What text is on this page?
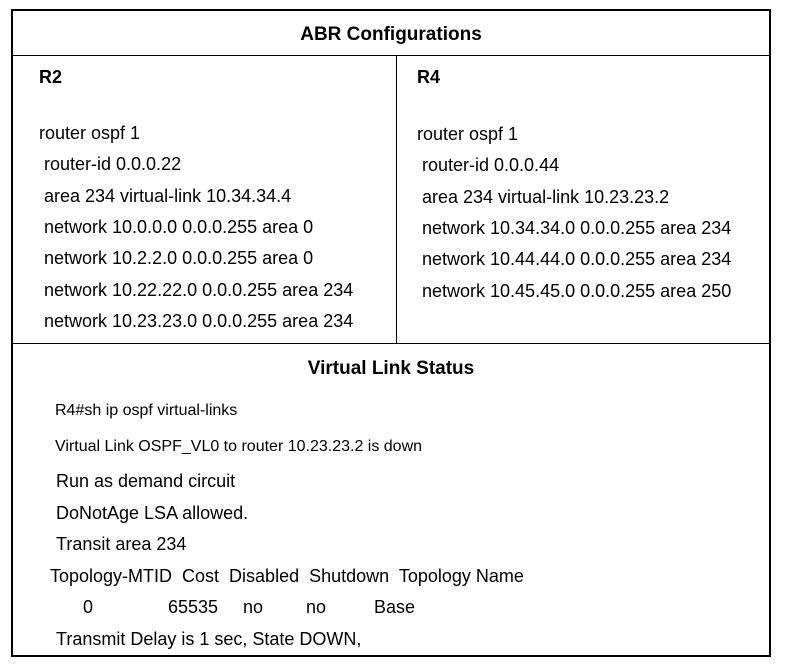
ABR Configurations
R2
router ospf 1
router-id 0.0.0.22
area 234 virtual-link 10.34.34.4
network 10.0.0.0 0.0.0.255 area 0
network 10.2.2.0 0.0.0.255 area 0
network 10.22.22.0 0.0.0.255 area 234
network 10.23.23.0 0.0.0.255 area 234
R4
router ospf 1
router-id 0.0.0.44
area 234 virtual-link 10.23.23.2
network 10.34.34.0 0.0.0.255 area 234
network 10.44.44.0 0.0.0.255 area 234
network 10.45.45.0 0.0.0.255 area 250
Virtual Link Status
R4#sh ip ospf virtual-links
Virtual Link OSPF_VL0 to router 10.23.23.2 is down
Run as demand circuit
DoNotAge LSA allowed.
Transit area 234
Topology-MTID  Cost  Disabled  Shutdown  Topology Name
0	65535 no no	Base
Transmit Delay is 1 sec, State DOWN,
